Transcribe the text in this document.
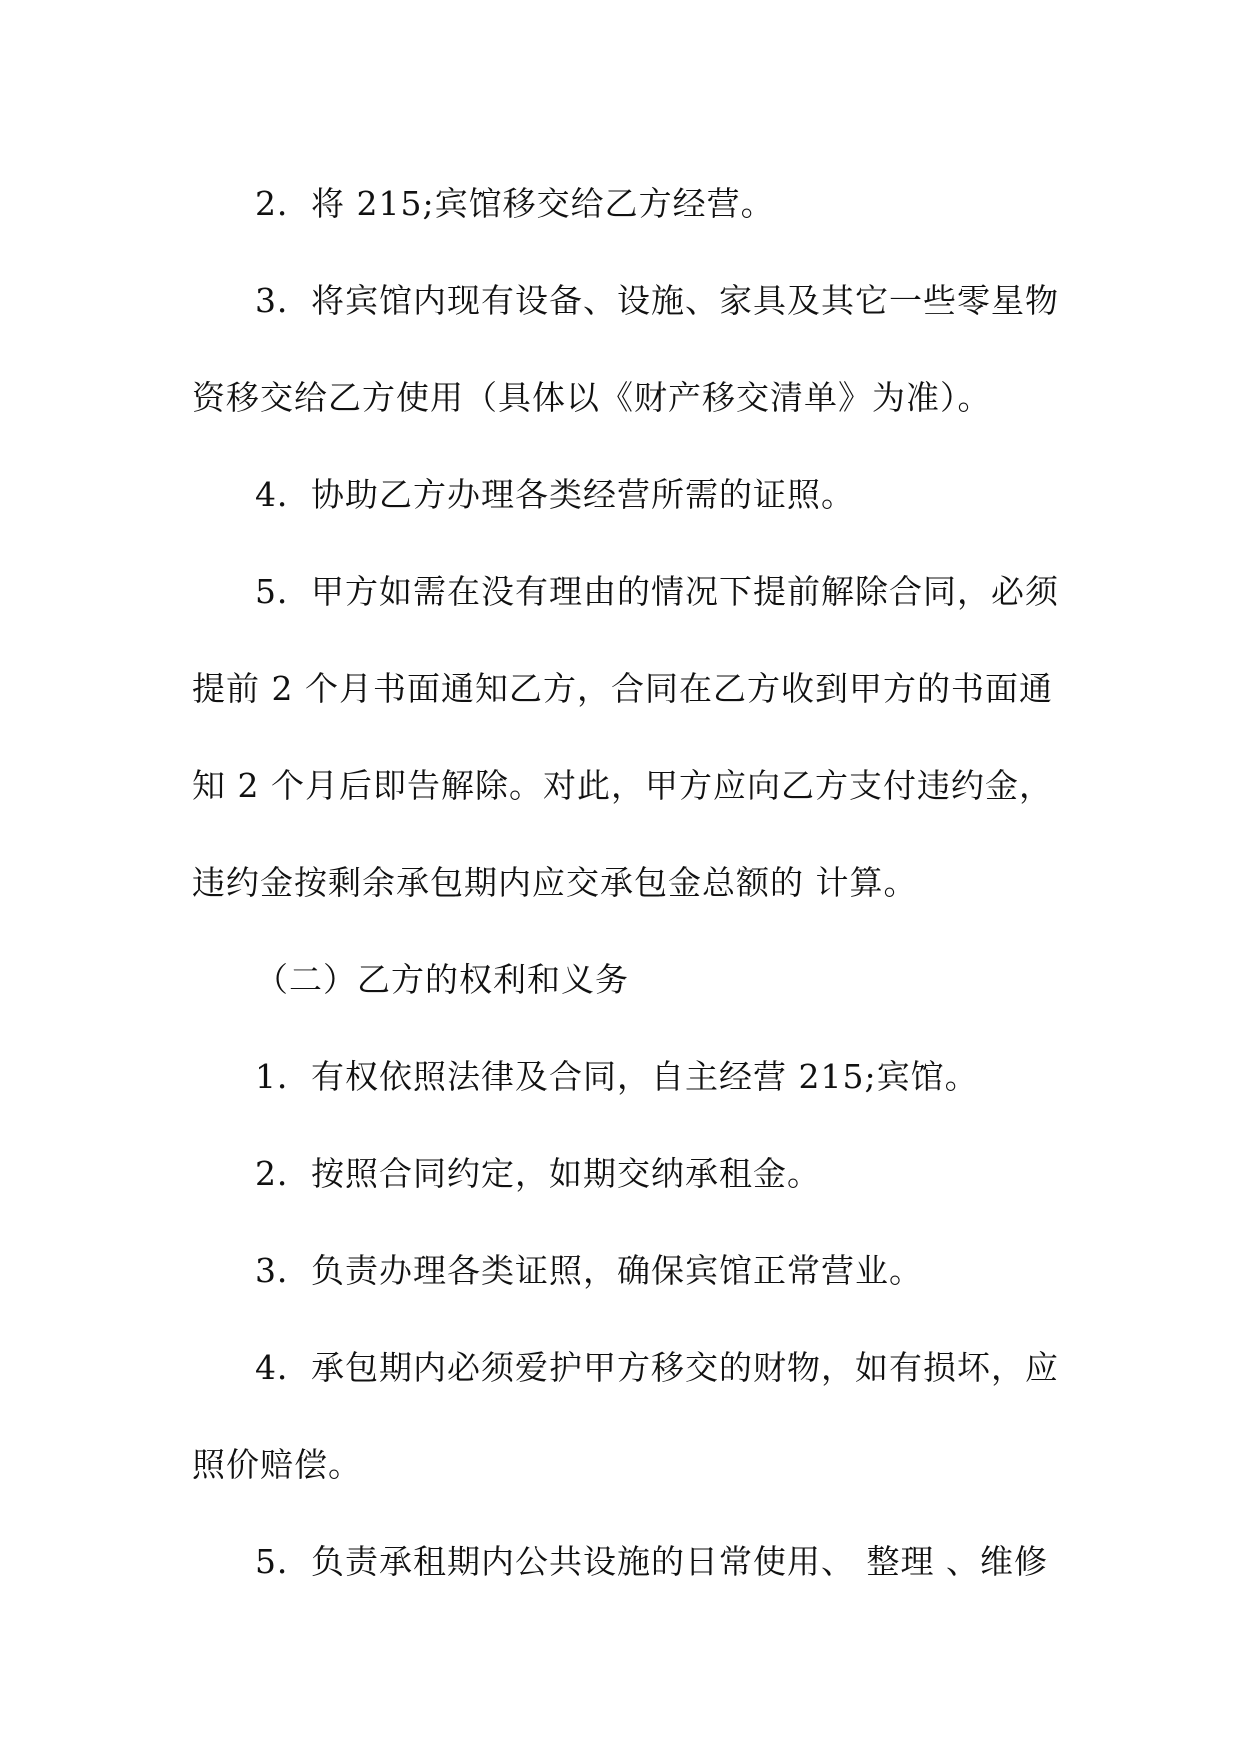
2．将 215;宾馆移交给乙方经营。
3．将宾馆内现有设备、设施、家具及其它一些零星物
资移交给乙方使用（具体以《财产移交清单》为准）。
4．协助乙方办理各类经营所需的证照。
5．甲方如需在没有理由的情况下提前解除合同，必须
提前 2 个月书面通知乙方，合同在乙方收到甲方的书面通
知 2 个月后即告解除。对此，甲方应向乙方支付违约金，
违约金按剩余承包期内应交承包金总额的 计算。
（二）乙方的权利和义务
1．有权依照法律及合同，自主经营 215;宾馆。
2．按照合同约定，如期交纳承租金。
3．负责办理各类证照，确保宾馆正常营业。
4．承包期内必须爱护甲方移交的财物，如有损坏，应
照价赔偿。
5．负责承租期内公共设施的日常使用、 整理 、维修
